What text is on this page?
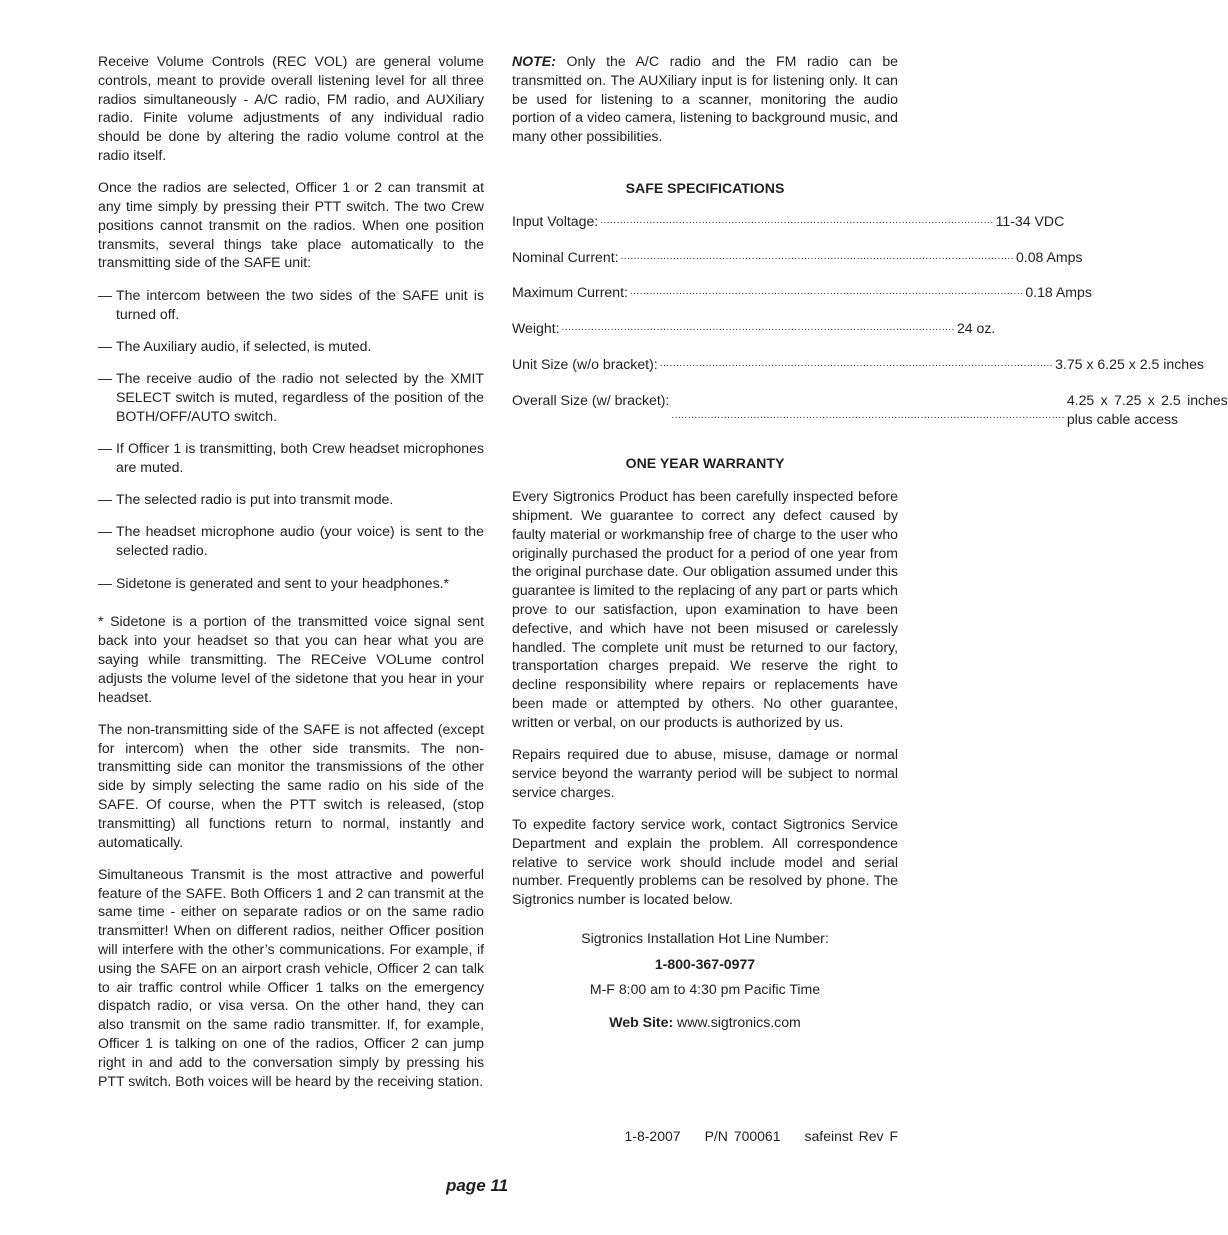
Receive Volume Controls (REC VOL) are general volume controls, meant to provide overall listening level for all three radios simultaneously - A/C radio, FM radio, and AUXiliary radio. Finite volume adjustments of any individual radio should be done by altering the radio volume control at the radio itself.

Once the radios are selected, Officer 1 or 2 can transmit at any time simply by pressing their PTT switch. The two Crew positions cannot transmit on the radios. When one position transmits, several things take place automatically to the transmitting side of the SAFE unit:

— The intercom between the two sides of the SAFE unit is turned off.
— The Auxiliary audio, if selected, is muted.
— The receive audio of the radio not selected by the XMIT SELECT switch is muted, regardless of the position of the BOTH/OFF/AUTO switch.
— If Officer 1 is transmitting, both Crew headset microphones are muted.
— The selected radio is put into transmit mode.
— The headset microphone audio (your voice) is sent to the selected radio.
— Sidetone is generated and sent to your headphones.*

* Sidetone is a portion of the transmitted voice signal sent back into your headset so that you can hear what you are saying while transmitting. The RECeive VOLume control adjusts the volume level of the sidetone that you hear in your headset.

The non-transmitting side of the SAFE is not affected (except for intercom) when the other side transmits. The non-transmitting side can monitor the transmissions of the other side by simply selecting the same radio on his side of the SAFE. Of course, when the PTT switch is released, (stop transmitting) all functions return to normal, instantly and automatically.

Simultaneous Transmit is the most attractive and powerful feature of the SAFE. Both Officers 1 and 2 can transmit at the same time - either on separate radios or on the same radio transmitter! When on different radios, neither Officer position will interfere with the other’s communications. For example, if using the SAFE on an airport crash vehicle, Officer 2 can talk to air traffic control while Officer 1 talks on the emergency dispatch radio, or visa versa. On the other hand, they can also transmit on the same radio transmitter. If, for example, Officer 1 is talking on one of the radios, Officer 2 can jump right in and add to the conversation simply by pressing his PTT switch. Both voices will be heard by the receiving station.

NOTE: Only the A/C radio and the FM radio can be transmitted on. The AUXiliary input is for listening only. It can be used for listening to a scanner, monitoring the audio portion of a video camera, listening to background music, and many other possibilities.

SAFE SPECIFICATIONS
Input Voltage: ........................................................................................................................ 11-34 VDC
Nominal Current: ........................................................................................................................ 0.08 Amps
Maximum Current: ........................................................................................................................ 0.18 Amps
Weight: ........................................................................................................................ 24 oz.
Unit Size (w/o bracket): ........................................................................................................................ 3.75 x 6.25 x 2.5 inches
Overall Size (w/ bracket):
........................................................................................................................
4.25 x 7.25 x 2.5 inches plus cable access
ONE YEAR WARRANTY

Every Sigtronics Product has been carefully inspected before shipment. We guarantee to correct any defect caused by faulty material or workmanship free of charge to the user who originally purchased the product for a period of one year from the original purchase date. Our obligation assumed under this guarantee is limited to the replacing of any part or parts which prove to our satisfaction, upon examination to have been defective, and which have not been misused or carelessly handled. The complete unit must be returned to our factory, transportation charges prepaid. We reserve the right to decline responsibility where repairs or replacements have been made or attempted by others. No other guarantee, written or verbal, on our products is authorized by us.

Repairs required due to abuse, misuse, damage or normal service beyond the warranty period will be subject to normal service charges.

To expedite factory service work, contact Sigtronics Service Department and explain the problem. All correspondence relative to service work should include model and serial number. Frequently problems can be resolved by phone. The Sigtronics number is located below.

Sigtronics Installation Hot Line Number:
1-800-367-0977
M-F 8:00 am to 4:30 pm Pacific Time
Web Site: www.sigtronics.com
1-8-2007 P/N 700061 safeinst Rev F
page 11
